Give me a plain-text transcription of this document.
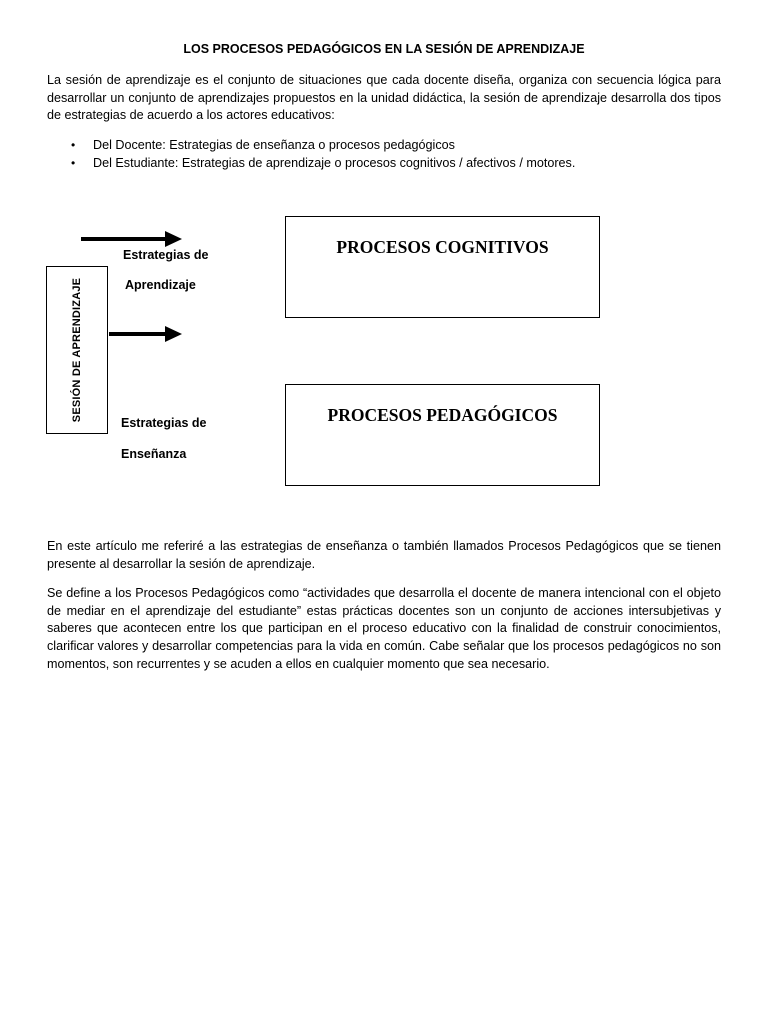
LOS PROCESOS PEDAGÓGICOS EN LA SESIÓN DE APRENDIZAJE
La sesión de aprendizaje es el conjunto de situaciones que cada docente diseña, organiza con secuencia lógica para desarrollar un conjunto de aprendizajes propuestos en la unidad didáctica, la sesión de aprendizaje desarrolla dos tipos de estrategias de acuerdo a los actores educativos:
• Del Docente: Estrategias de enseñanza o procesos pedagógicos
• Del Estudiante: Estrategias de aprendizaje o procesos cognitivos / afectivos / motores.
SESIÓN DE APRENDIZAJE
Estrategias de
Aprendizaje
Estrategias de
Enseñanza
PROCESOS COGNITIVOS
PROCESOS PEDAGÓGICOS
En este artículo me referiré a las estrategias de enseñanza o también llamados Procesos Pedagógicos que se tienen presente al desarrollar la sesión de aprendizaje.
Se define a los Procesos Pedagógicos como “actividades que desarrolla el docente de manera intencional con el objeto de mediar en el aprendizaje del estudiante” estas prácticas docentes son un conjunto de acciones intersubjetivas y saberes que acontecen entre los que participan en el proceso educativo con la finalidad de construir conocimientos, clarificar valores y desarrollar competencias para la vida en común. Cabe señalar que los procesos pedagógicos no son momentos, son recurrentes y se acuden a ellos en cualquier momento que sea necesario.
